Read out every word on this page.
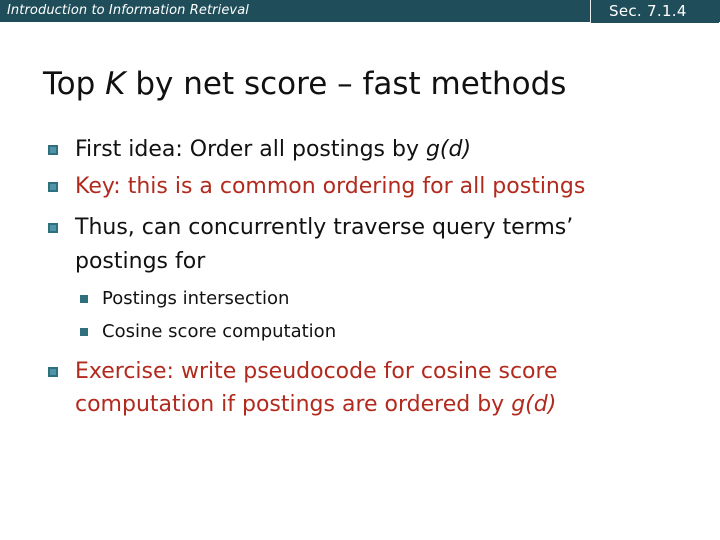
Introduction to Information Retrieval	Sec. 7.1.4
Top K by net score – fast methods
First idea: Order all postings by g(d)
Key: this is a common ordering for all postings
Thus, can concurrently traverse query terms’
postings for
Postings intersection
Cosine score computation
Exercise: write pseudocode for cosine score
computation if postings are ordered by g(d)
